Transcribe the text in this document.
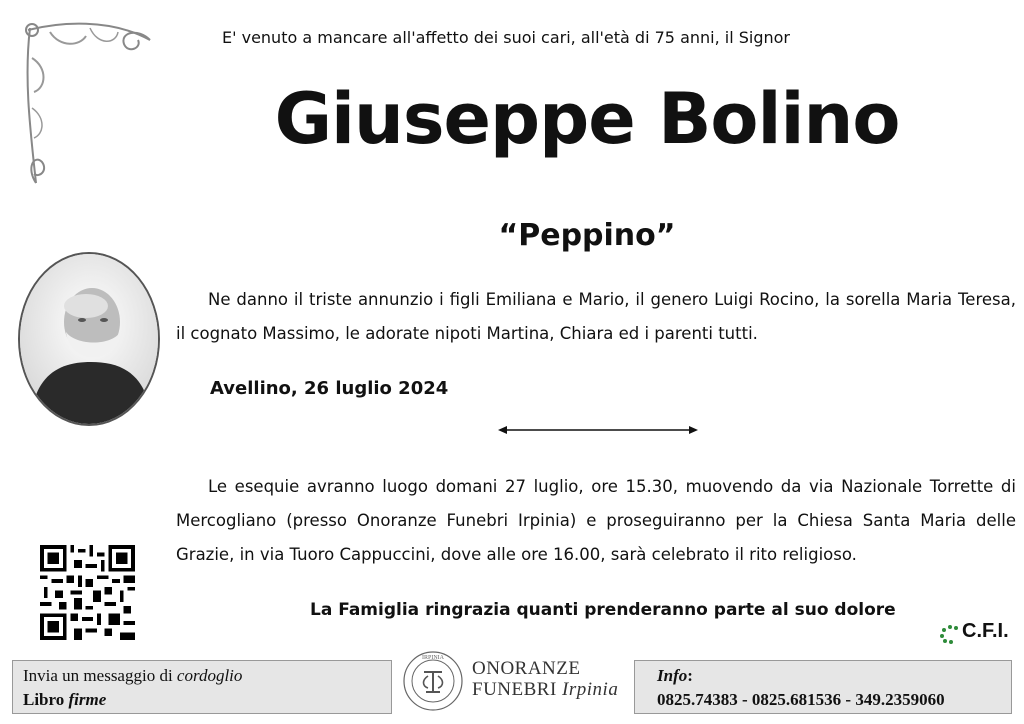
E' venuto a mancare all'affetto dei suoi cari, all'età di 75 anni, il Signor
Giuseppe Bolino
“Peppino”

Ne danno il triste annunzio i figli Emiliana e Mario, il genero Luigi Rocino, la sorella Maria Teresa, il cognato Massimo, le adorate nipoti Martina, Chiara ed i parenti tutti.

Avellino, 26 luglio 2024

Le esequie avranno luogo domani 27 luglio, ore 15.30, muovendo da via Nazionale Torrette di Mercogliano (presso Onoranze Funebri Irpinia) e proseguiranno per la Chiesa Santa Maria delle Grazie, in via Tuoro Cappuccini, dove alle ore 16.00, sarà celebrato il rito religioso.

La Famiglia ringrazia quanti prenderanno parte al suo dolore
C.F.I.
Invia un messaggio di cordoglio
Libro firme
IRPINIA ONORANZE
FUNEBRI Irpinia
Info:
0825.74383 - 0825.681536 - 349.2359060
